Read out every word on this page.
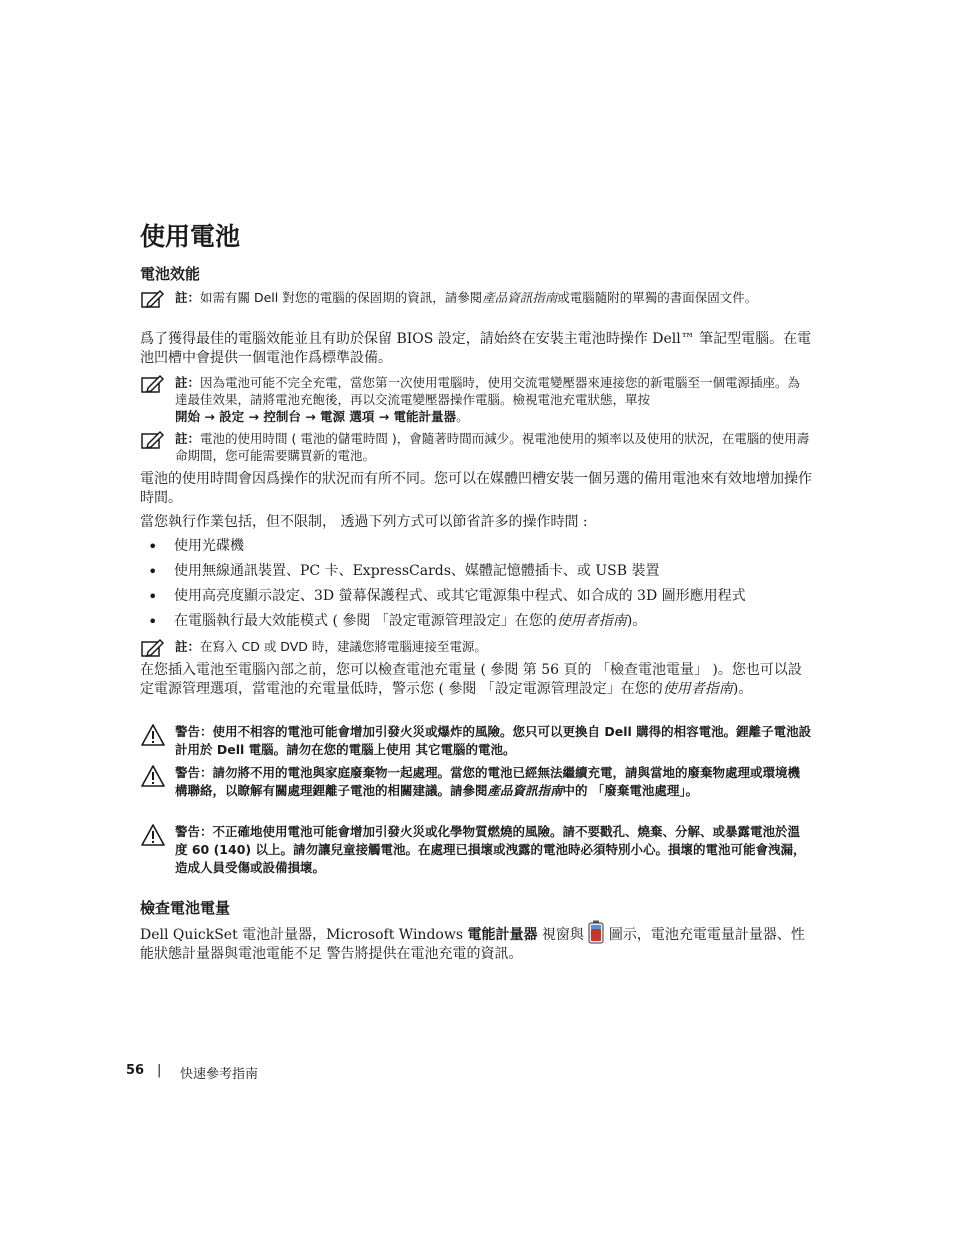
使用電池
電池效能
註：如需有關 Dell 對您的電腦的保固期的資訊，請參閱產品資訊指南或電腦隨附的單獨的書面保固文件。
爲了獲得最佳的電腦效能並且有助於保留 BIOS 設定，請始終在安裝主電池時操作 Dell™ 筆記型電腦。在電池凹槽中會提供一個電池作爲標準設備。
註：因為電池可能不完全充電，當您第一次使用電腦時，使用交流電變壓器來連接您的新電腦至一個電源插座。為達最佳效果，請將電池充飽後，再以交流電變壓器操作電腦。檢視電池充電狀態，單按
開始 → 設定 → 控制台 → 電源 選項 → 電能計量器。
註：電池的使用時間 ( 電池的儲電時間 )，會隨著時間而減少。視電池使用的頻率以及使用的狀況，在電腦的使用壽命期間，您可能需要購買新的電池。
電池的使用時間會因爲操作的狀況而有所不同。您可以在媒體凹槽安裝一個另選的備用電池來有效地增加操作時間。
當您執行作業包括，但不限制， 透過下列方式可以節省許多的操作時間 :
• 使用光碟機
• 使用無線通訊裝置、PC 卡、ExpressCards、媒體記憶體插卡、或 USB 裝置
• 使用高亮度顯示設定、3D 螢幕保護程式、或其它電源集中程式、如合成的 3D 圖形應用程式
• 在電腦執行最大效能模式 ( 參閱 「設定電源管理設定」在您的使用者指南)。
註：在寫入 CD 或 DVD 時，建議您將電腦連接至電源。
在您插入電池至電腦內部之前，您可以檢查電池充電量 ( 參閱 第 56 頁的 「檢查電池電量」 )。您也可以設定電源管理選項，當電池的充電量低時，警示您 ( 參閱 「設定電源管理設定」在您的使用者指南)。
警告：使用不相容的電池可能會增加引發火災或爆炸的風險。您只可以更換自 Dell 購得的相容電池。鋰離子電池設計用於 Dell 電腦。請勿在您的電腦上使用 其它電腦的電池。
警告：請勿將不用的電池與家庭廢棄物一起處理。當您的電池已經無法繼續充電，請與當地的廢棄物處理或環境機構聯絡，以瞭解有關處理鋰離子電池的相關建議。請參閱產品資訊指南中的 「廢棄電池處理」。
警告：不正確地使用電池可能會增加引發火災或化學物質燃燒的風險。請不要戳孔、燒棄、分解、或暴露電池於溫度 60 (140) 以上。請勿讓兒童接觸電池。在處理已損壞或洩露的電池時必須特別小心。損壞的電池可能會洩漏，造成人員受傷或設備損壞。
檢查電池電量
Dell QuickSet 電池計量器，Microsoft Windows 電能計量器 視窗與  圖示，電池充電電量計量器、性能狀態計量器與電池電能不足 警告將提供在電池充電的資訊。
56 | 快速參考指南
